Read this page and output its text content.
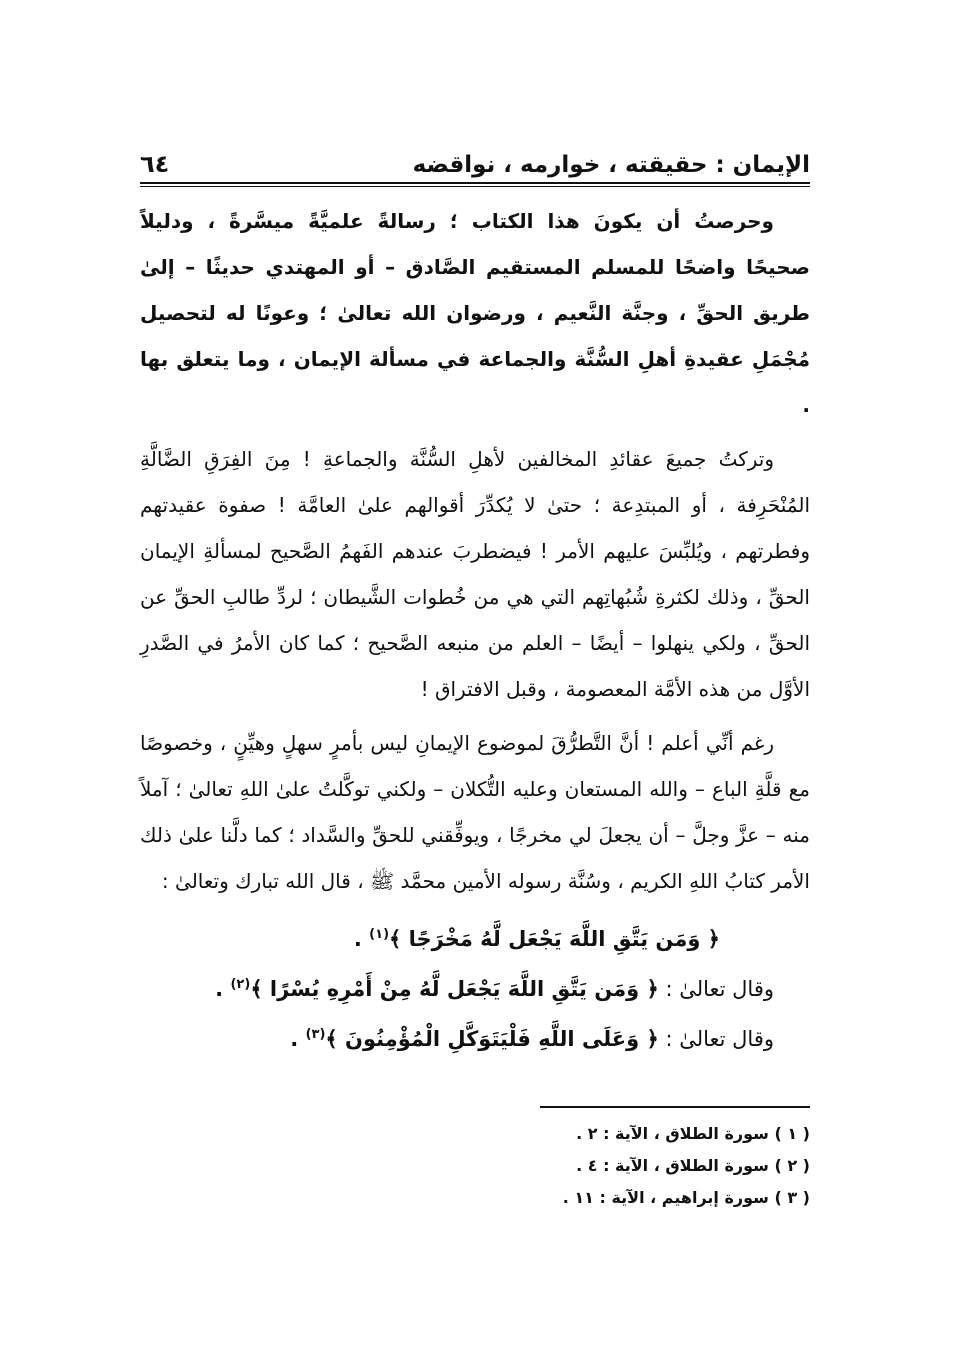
الإيمان : حقيقته ، خوارمه ، نواقضه
٦٤

وحرصتُ أن يكونَ هذا الكتاب ؛ رسالةً علميَّةً ميسَّرةً ، ودليلاً صحيحًا واضحًا للمسلم المستقيم الصَّادق – أو المهتدي حديثًا – إلىٰ طريق الحقِّ ، وجنَّة النَّعيم ، ورضوان الله تعالىٰ ؛ وعونًا له لتحصيل مُجْمَلِ عقيدةِ أهلِ السُّنَّة والجماعة في مسألة الإيمان ، وما يتعلق بها .

وتركتُ جميعَ عقائدِ المخالفين لأهلِ السُّنَّة والجماعةِ ! مِنَ الفِرَقِ الضَّالَّةِ المُنْحَرِفة ، أو المبتدِعة ؛ حتىٰ لا يُكدِّرَ أقوالهم علىٰ العامَّة ! صفوة عقيدتهم وفطرتهم ، ويُلبِّسَ عليهم الأمر ! فيضطربَ عندهم الفَهمُ الصَّحيح لمسألةِ الإيمان الحقِّ ، وذلك لكثرةِ شُبُهاتِهم التي هي من خُطوات الشَّيطان ؛ لردِّ طالبِ الحقِّ عن الحقِّ ، ولكي ينهلوا – أيضًا – العلم من منبعه الصَّحيح ؛ كما كان الأمرُ في الصَّدرِ الأوَّل من هذه الأمَّة المعصومة ، وقبل الافتراق !

رغم أنِّي أعلم ! أنَّ التَّطرُّقَ لموضوع الإيمانِ ليس بأمرٍ سهلٍ وهيِّنٍ ، وخصوصًا مع قلَّةِ الباع – والله المستعان وعليه التُّكلان – ولكني توكَّلتُ علىٰ اللهِ تعالىٰ ؛ آملاً منه – عزَّ وجلَّ – أن يجعلَ لي مخرجًا ، ويوفِّقني للحقِّ والسَّداد ؛ كما دلَّنا علىٰ ذلك الأمر كتابُ اللهِ الكريم ، وسُنَّة رسوله الأمين محمَّد ﷺ ، قال الله تبارك وتعالىٰ :

﴿ وَمَن يَتَّقِ اللَّهَ يَجْعَل لَّهُ مَخْرَجًا ﴾$^{(١)}$ .

وقال تعالىٰ : ﴿ وَمَن يَتَّقِ اللَّهَ يَجْعَل لَّهُ مِنْ أَمْرِهِ يُسْرًا ﴾$^{(٢)}$ .

وقال تعالىٰ : ﴿ وَعَلَى اللَّهِ فَلْيَتَوَكَّلِ الْمُؤْمِنُونَ ﴾$^{(٣)}$ .

( ١ ) سورة الطلاق ، الآية : ٢ .
( ٢ ) سورة الطلاق ، الآية : ٤ .
( ٣ ) سورة إبراهيم ، الآية : ١١ .
